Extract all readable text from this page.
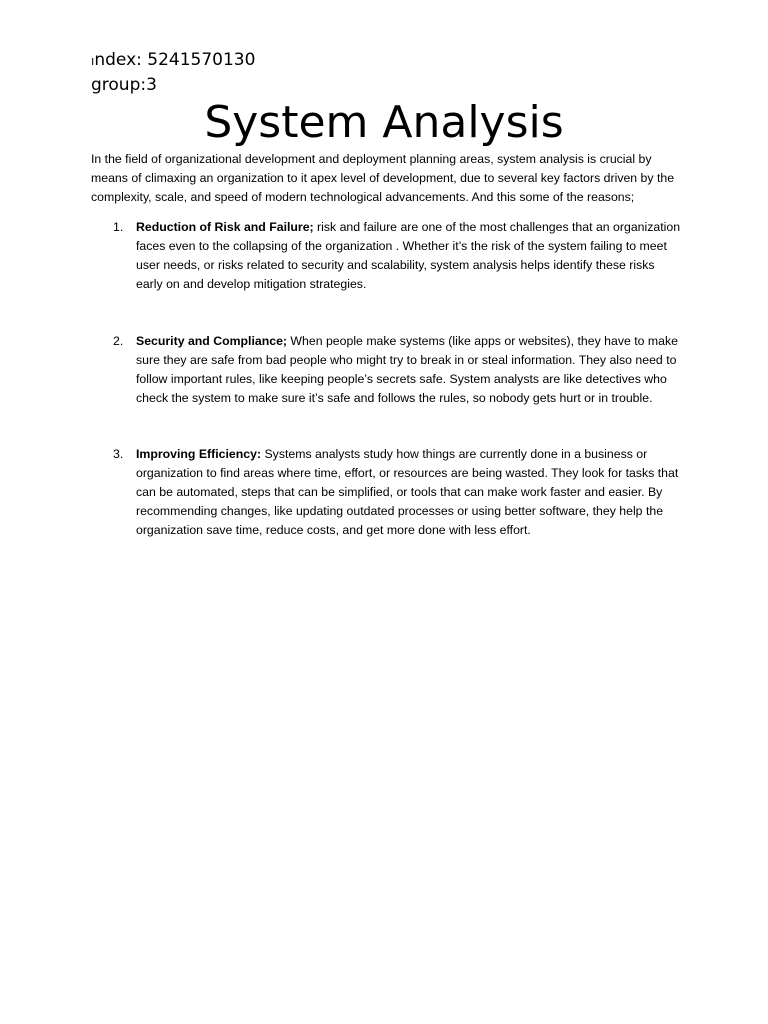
ındex: 5241570130
group:3
System Analysis

In the field of organizational development and deployment planning areas, system analysis is crucial by means of climaxing an organization to it apex level of development, due to several key factors driven by the complexity, scale, and speed of modern technological advancements. And this some of the reasons;

1.	Reduction of Risk and Failure; risk and failure are one of the most challenges that an organization faces even to the collapsing of the organization . Whether it’s the risk of the system failing to meet user needs, or risks related to security and scalability, system analysis helps identify these risks early on and develop mitigation strategies.
2.	Security and Compliance; When people make systems (like apps or websites), they have to make sure they are safe from bad people who might try to break in or steal information. They also need to follow important rules, like keeping people’s secrets safe. System analysts are like detectives who check the system to make sure it’s safe and follows the rules, so nobody gets hurt or in trouble.
3.	Improving Efficiency: Systems analysts study how things are currently done in a business or organization to find areas where time, effort, or resources are being wasted. They look for tasks that can be automated, steps that can be simplified, or tools that can make work faster and easier. By recommending changes, like updating outdated processes or using better software, they help the organization save time, reduce costs, and get more done with less effort.
